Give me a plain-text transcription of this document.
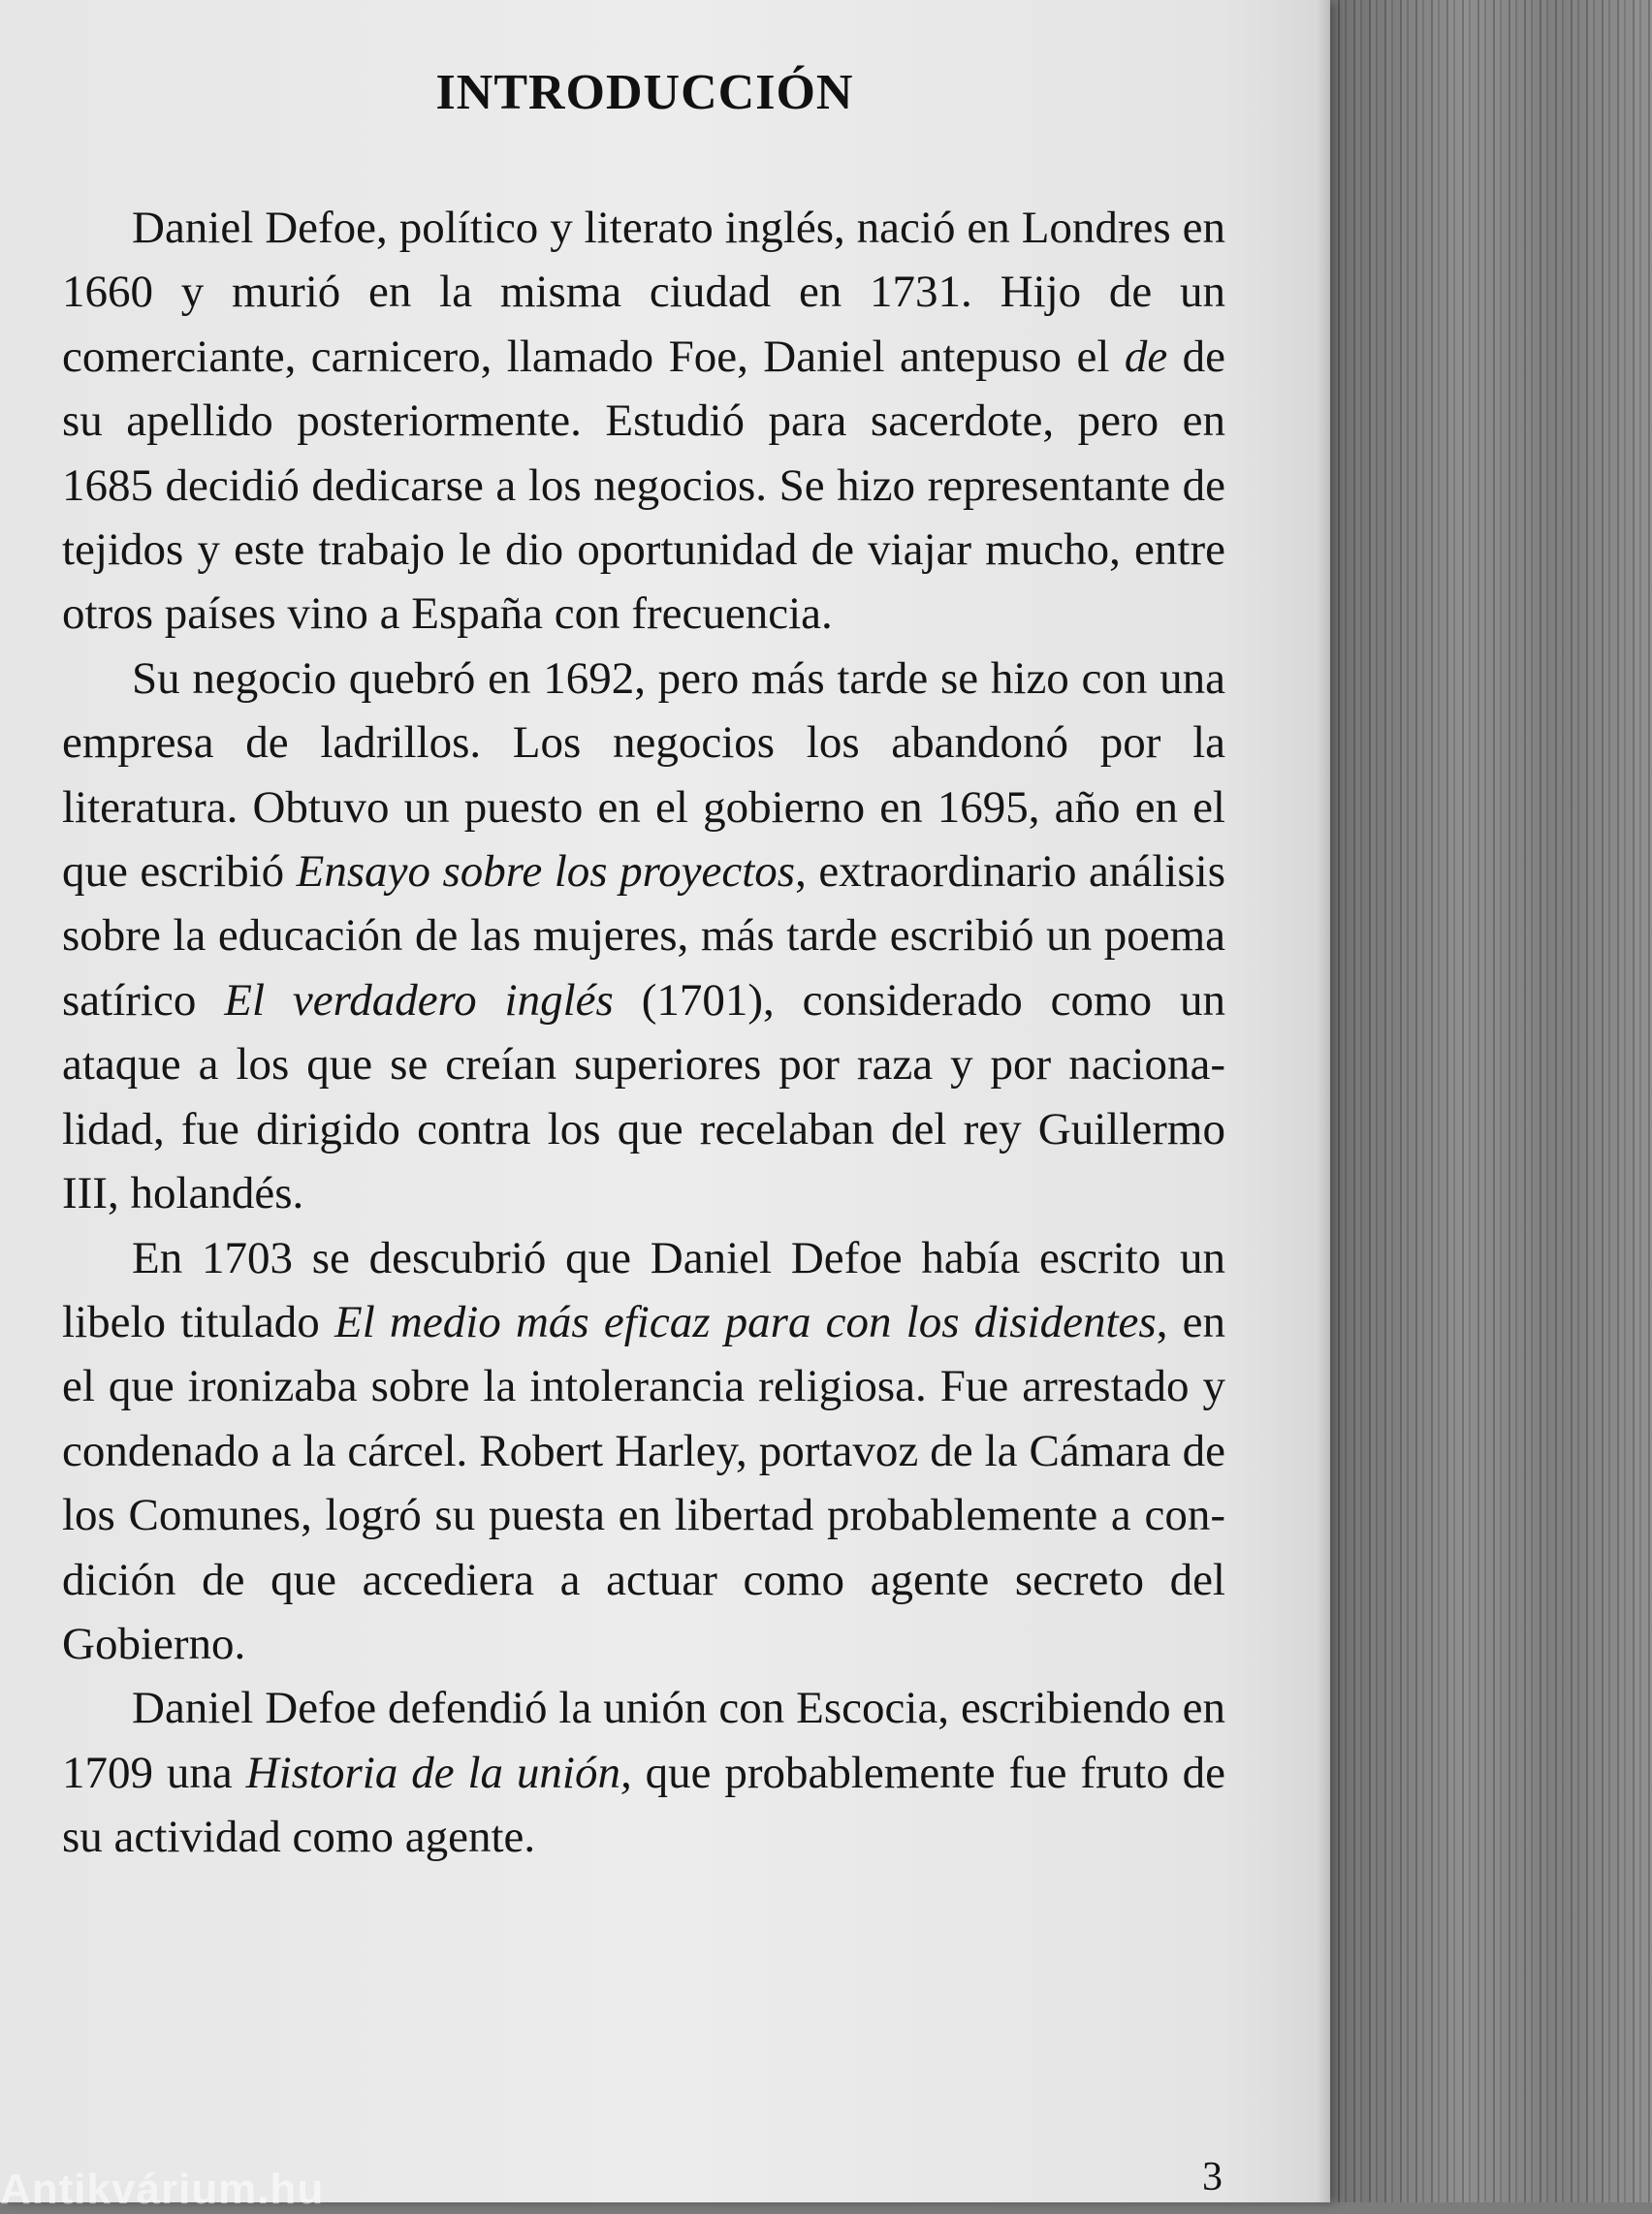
INTRODUCCIÓN

Daniel Defoe, político y literato inglés, nació en Londres en 1660 y murió en la misma ciudad en 1731. Hijo de un comerciante, carnicero, llamado Foe, Daniel antepuso el de de su apellido posteriormente. Estudió para sacerdote, pero en 1685 decidió dedicarse a los negocios. Se hizo representante de tejidos y este trabajo le dio oportunidad de viajar mucho, entre otros países vino a España con frecuencia.

Su negocio quebró en 1692, pero más tarde se hizo con una empresa de ladrillos. Los negocios los abandonó por la literatura. Obtuvo un puesto en el gobierno en 1695, año en el que escribió Ensayo sobre los proyectos, extraordinario análisis sobre la educación de las mujeres, más tarde escribió un poema satírico El verdadero inglés (1701), considerado como un ataque a los que se creían superiores por raza y por nacionalidad, fue dirigido contra los que recelaban del rey Guillermo III, holandés.

En 1703 se descubrió que Daniel Defoe había escrito un libelo titulado El medio más eficaz para con los disidentes, en el que ironizaba sobre la intolerancia religiosa. Fue arrestado y condenado a la cárcel. Robert Harley, portavoz de la Cámara de los Comunes, logró su puesta en libertad probablemente a condición de que accediera a actuar como agente secreto del Gobierno.

Daniel Defoe defendió la unión con Escocia, escribiendo en 1709 una Historia de la unión, que probablemente fue fruto de su actividad como agente.

3
Antikvárium.hu
